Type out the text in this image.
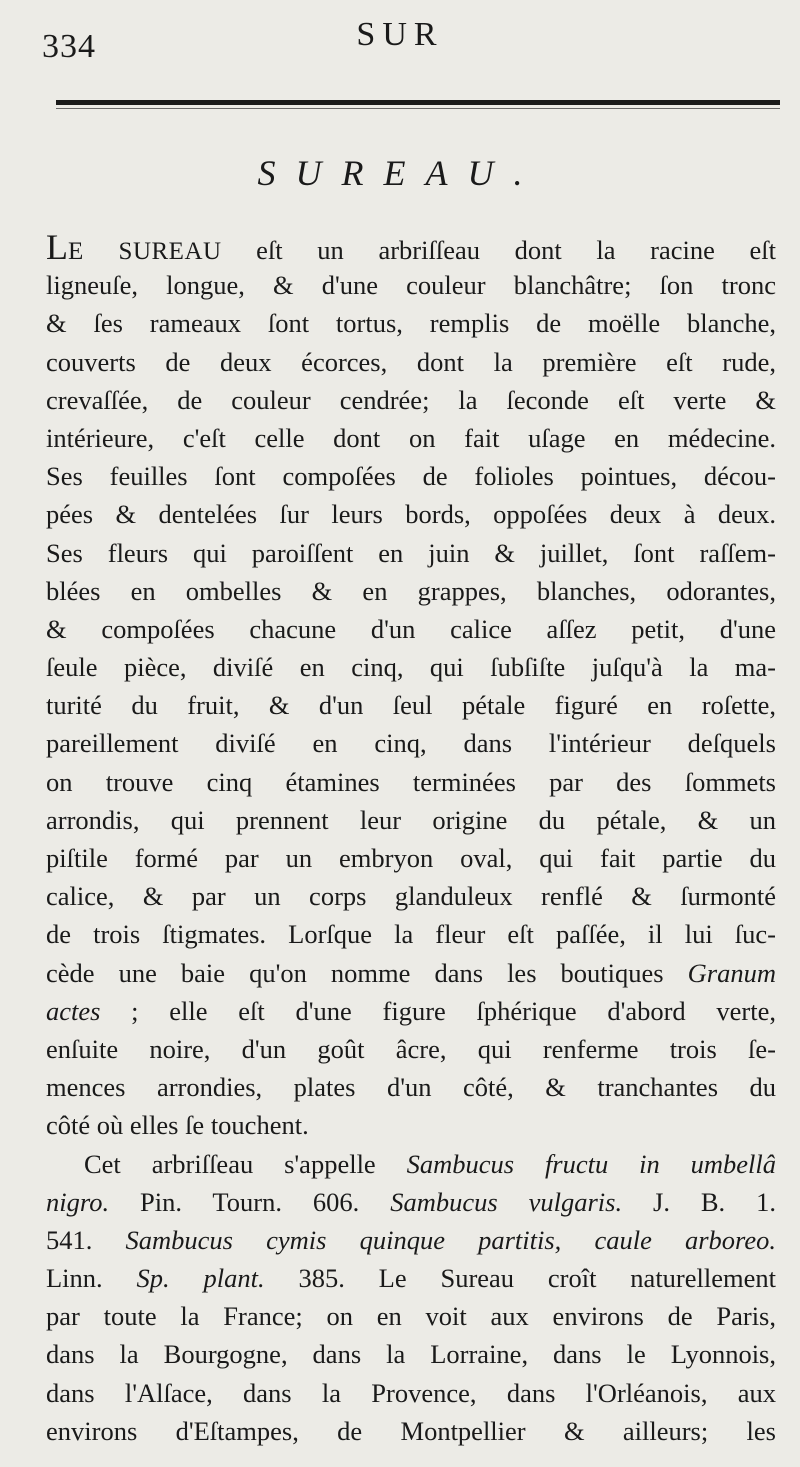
334	SUR
SUREAU.
LE SUREAU eſt un arbriſſeau dont la racine eſt
ligneuſe, longue, & d'une couleur blanchâtre; ſon tronc
& ſes rameaux ſont tortus, remplis de moëlle blanche,
couverts de deux écorces, dont la première eſt rude,
crevaſſée, de couleur cendrée; la ſeconde eſt verte &
intérieure, c'eſt celle dont on fait uſage en médecine.
Ses feuilles ſont compoſées de folioles pointues, décou-
pées & dentelées ſur leurs bords, oppoſées deux à deux.
Ses fleurs qui paroiſſent en juin & juillet, ſont raſſem-
blées en ombelles & en grappes, blanches, odorantes,
& compoſées chacune d'un calice aſſez petit, d'une
ſeule pièce, diviſé en cinq, qui ſubſiſte juſqu'à la ma-
turité du fruit, & d'un ſeul pétale figuré en roſette,
pareillement diviſé en cinq, dans l'intérieur deſquels
on trouve cinq étamines terminées par des ſommets
arrondis, qui prennent leur origine du pétale, & un
piſtile formé par un embryon oval, qui fait partie du
calice, & par un corps glanduleux renflé & ſurmonté
de trois ſtigmates. Lorſque la fleur eſt paſſée, il lui ſuc-
cède une baie qu'on nomme dans les boutiques Granum
actes ; elle eſt d'une figure ſphérique d'abord verte,
enſuite noire, d'un goût âcre, qui renferme trois ſe-
mences arrondies, plates d'un côté, & tranchantes du
côté où elles ſe touchent.
Cet arbriſſeau s'appelle Sambucus fructu in umbellâ
nigro. Pin. Tourn. 606. Sambucus vulgaris. J. B. 1.
541. Sambucus cymis quinque partitis, caule arboreo.
Linn. Sp. plant. 385. Le Sureau croît naturellement
par toute la France; on en voit aux environs de Paris,
dans la Bourgogne, dans la Lorraine, dans le Lyonnois,
dans l'Alſace, dans la Provence, dans l'Orléanois, aux
environs d'Eſtampes, de Montpellier & ailleurs; les
